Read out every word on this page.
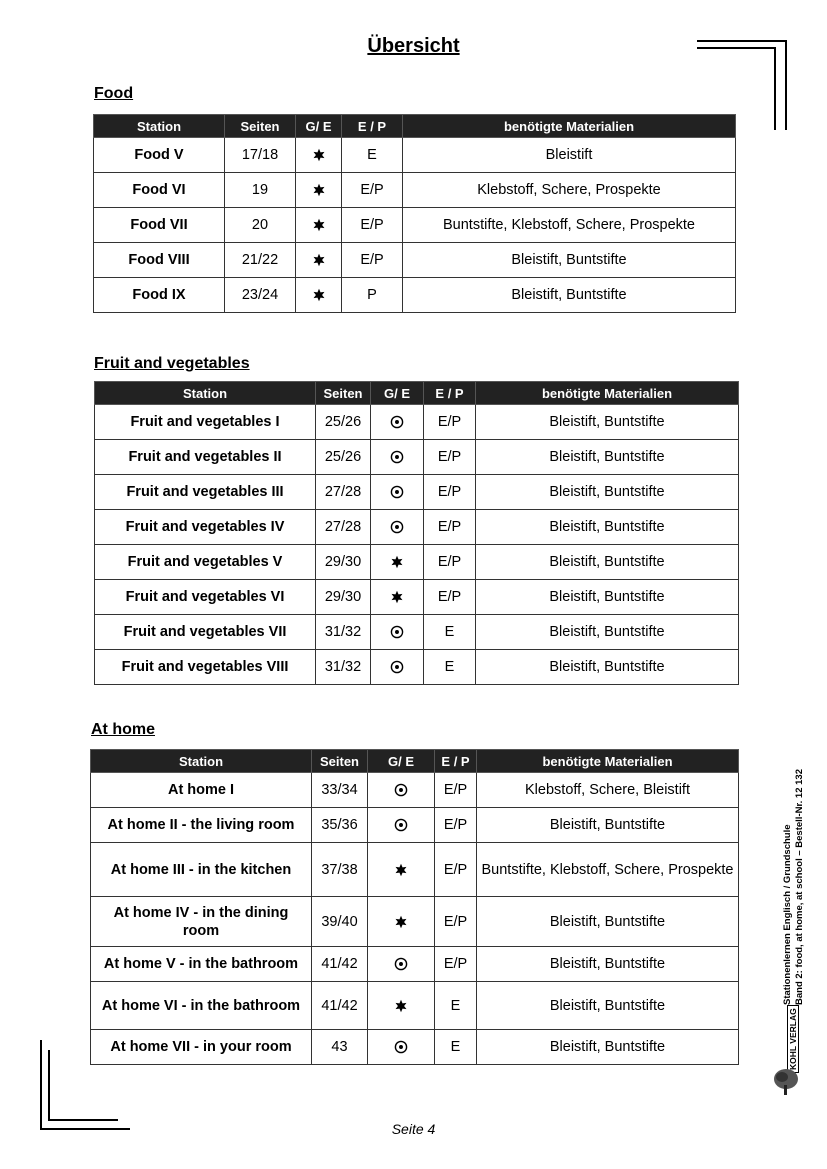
Übersicht
Food
Station	Seiten	G/ E	E / P	benötigte Materialien
Food V	17/18		E	Bleistift
Food VI	19		E/P	Klebstoff, Schere, Prospekte
Food VII	20		E/P	Buntstifte, Klebstoff, Schere, Prospekte
Food VIII	21/22		E/P	Bleistift, Buntstifte
Food IX	23/24		P	Bleistift, Buntstifte
Fruit and vegetables
Station	Seiten	G/ E	E / P	benötigte Materialien
Fruit and vegetables I	25/26		E/P	Bleistift, Buntstifte
Fruit and vegetables II	25/26		E/P	Bleistift, Buntstifte
Fruit and vegetables III	27/28		E/P	Bleistift, Buntstifte
Fruit and vegetables IV	27/28		E/P	Bleistift, Buntstifte
Fruit and vegetables V	29/30		E/P	Bleistift, Buntstifte
Fruit and vegetables VI	29/30		E/P	Bleistift, Buntstifte
Fruit and vegetables VII	31/32		E	Bleistift, Buntstifte
Fruit and vegetables VIII	31/32		E	Bleistift, Buntstifte
At home
Station	Seiten	G/ E	E / P	benötigte Materialien
At home I	33/34		E/P	Klebstoff, Schere, Bleistift
At home II - the living room	35/36		E/P	Bleistift, Buntstifte
At home III - in the kitchen	37/38		E/P	Buntstifte, Klebstoff, Schere, Prospekte
At home IV - in the dining room	39/40		E/P	Bleistift, Buntstifte
At home V - in the bathroom	41/42		E/P	Bleistift, Buntstifte
At home VI - in the bathroom	41/42		E	Bleistift, Buntstifte
At home VII - in your room	43		E	Bleistift, Buntstifte
Stationenlernen Englisch / Grundschule Band 2: food, at home, at school – Bestell-Nr. 12 132
KOHL VERLAG
Seite 4
